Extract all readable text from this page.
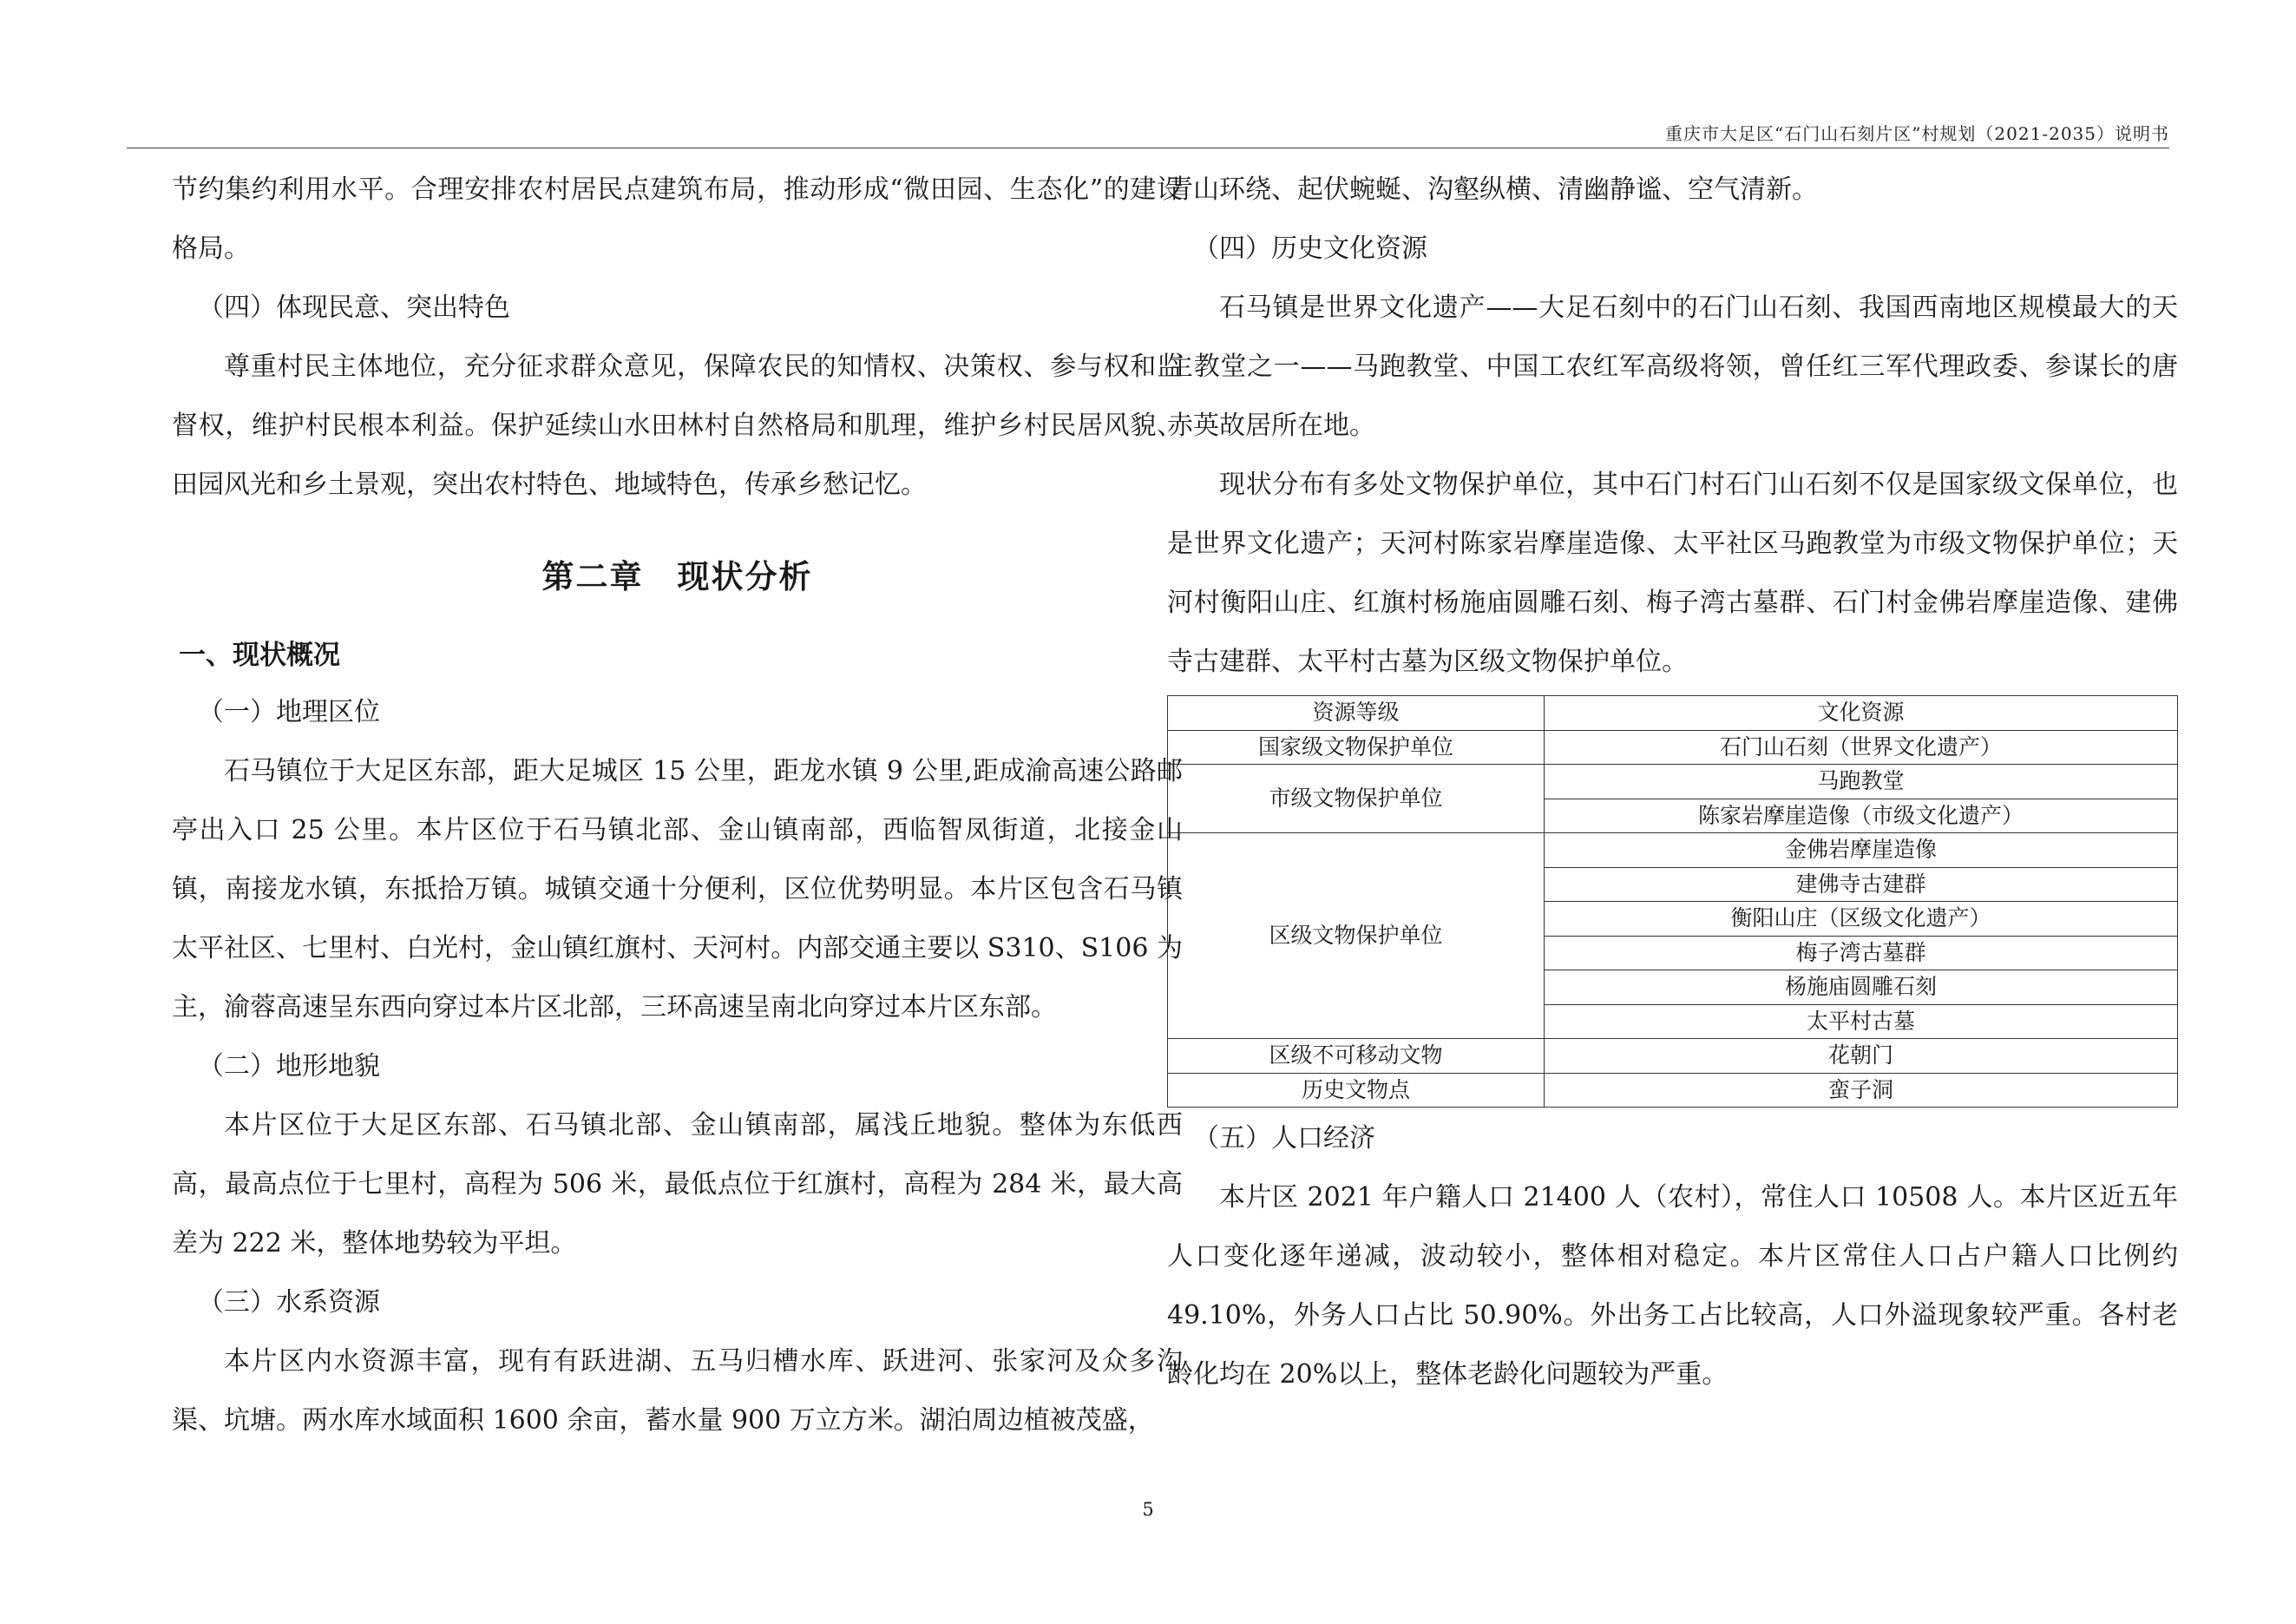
重庆市大足区“石门山石刻片区”村规划（2021-2035）说明书

节约集约利用水平。合理安排农村居民点建筑布局，推动形成“微田园、生态化”的建设格局。

（四）体现民意、突出特色

尊重村民主体地位，充分征求群众意见，保障农民的知情权、决策权、参与权和监督权，维护村民根本利益。保护延续山水田林村自然格局和肌理，维护乡村民居风貌、田园风光和乡土景观，突出农村特色、地域特色，传承乡愁记忆。

第二章　现状分析

一、现状概况

（一）地理区位

石马镇位于大足区东部，距大足城区 15 公里，距龙水镇 9 公里,距成渝高速公路邮亭出入口 25 公里。本片区位于石马镇北部、金山镇南部，西临智凤街道，北接金山镇，南接龙水镇，东抵拾万镇。城镇交通十分便利，区位优势明显。本片区包含石马镇太平社区、七里村、白光村，金山镇红旗村、天河村。内部交通主要以 S310、S106 为主，渝蓉高速呈东西向穿过本片区北部，三环高速呈南北向穿过本片区东部。

（二）地形地貌

本片区位于大足区东部、石马镇北部、金山镇南部，属浅丘地貌。整体为东低西高，最高点位于七里村，高程为 506 米，最低点位于红旗村，高程为 284 米，最大高差为 222 米，整体地势较为平坦。

（三）水系资源

本片区内水资源丰富，现有有跃进湖、五马归槽水库、跃进河、张家河及众多沟渠、坑塘。两水库水域面积 1600 余亩，蓄水量 900 万立方米。湖泊周边植被茂盛，

青山环绕、起伏蜿蜒、沟壑纵横、清幽静谧、空气清新。

（四）历史文化资源

石马镇是世界文化遗产——大足石刻中的石门山石刻、我国西南地区规模最大的天主教堂之一——马跑教堂、中国工农红军高级将领，曾任红三军代理政委、参谋长的唐赤英故居所在地。

现状分布有多处文物保护单位，其中石门村石门山石刻不仅是国家级文保单位，也是世界文化遗产；天河村陈家岩摩崖造像、太平社区马跑教堂为市级文物保护单位；天河村衡阳山庄、红旗村杨施庙圆雕石刻、梅子湾古墓群、石门村金佛岩摩崖造像、建佛寺古建群、太平村古墓为区级文物保护单位。

资源等级	文化资源
国家级文物保护单位	石门山石刻（世界文化遗产）
市级文物保护单位	马跑教堂
	陈家岩摩崖造像（市级文化遗产）
区级文物保护单位	金佛岩摩崖造像
	建佛寺古建群
	衡阳山庄（区级文化遗产）
	梅子湾古墓群
	杨施庙圆雕石刻
	太平村古墓
区级不可移动文物	花朝门
历史文物点	蛮子洞

（五）人口经济

本片区 2021 年户籍人口 21400 人（农村），常住人口 10508 人。本片区近五年人口变化逐年递减，波动较小，整体相对稳定。本片区常住人口占户籍人口比例约 49.10%，外务人口占比 50.90%。外出务工占比较高，人口外溢现象较严重。各村老龄化均在 20%以上，整体老龄化问题较为严重。

5
